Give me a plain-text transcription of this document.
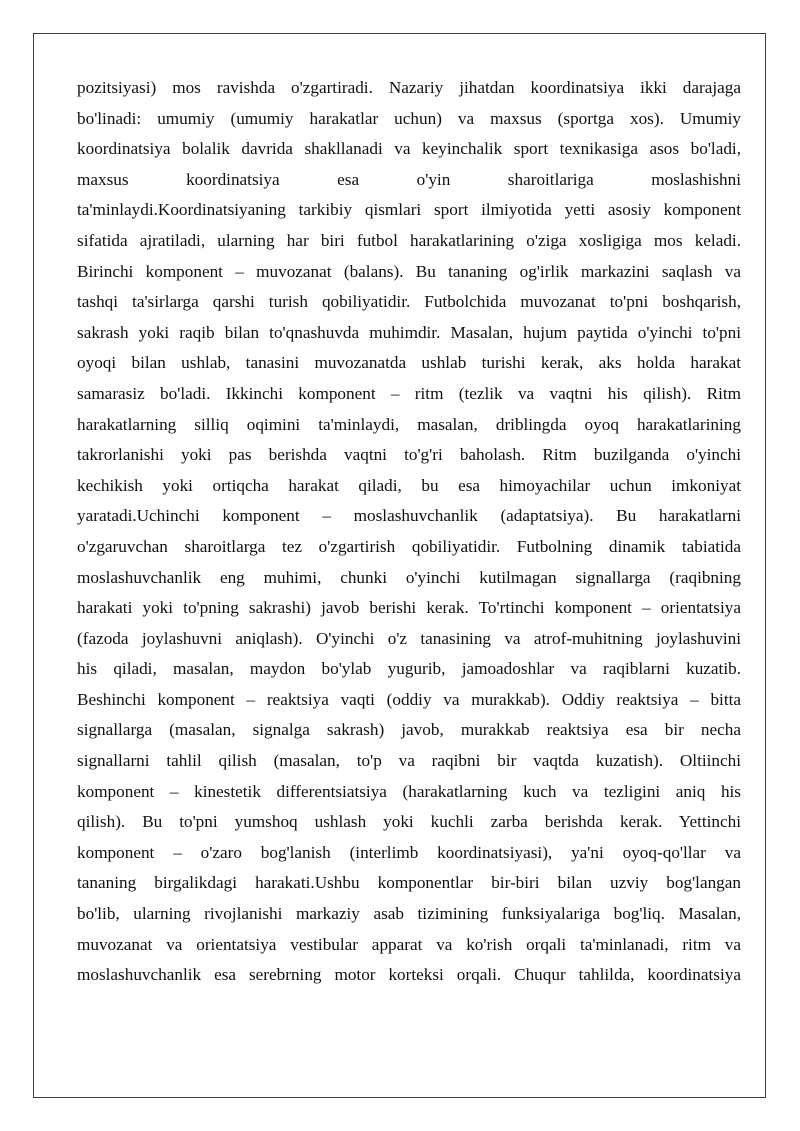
pozitsiyasi) mos ravishda o'zgartiradi. Nazariy jihatdan koordinatsiya ikki darajaga
bo'linadi: umumiy (umumiy harakatlar uchun) va maxsus (sportga xos). Umumiy
koordinatsiya bolalik davrida shakllanadi va keyinchalik sport texnikasiga asos bo'ladi,
maxsus koordinatsiya esa o'yin sharoitlariga moslashishni
ta'minlaydi.Koordinatsiyaning tarkibiy qismlari sport ilmiyotida yetti asosiy komponent
sifatida ajratiladi, ularning har biri futbol harakatlarining o'ziga xosligiga mos keladi.
Birinchi komponent – muvozanat (balans). Bu tananing og'irlik markazini saqlash va
tashqi ta'sirlarga qarshi turish qobiliyatidir. Futbolchida muvozanat to'pni boshqarish,
sakrash yoki raqib bilan to'qnashuvda muhimdir. Masalan, hujum paytida o'yinchi to'pni
oyoqi bilan ushlab, tanasini muvozanatda ushlab turishi kerak, aks holda harakat
samarasiz bo'ladi. Ikkinchi komponent – ritm (tezlik va vaqtni his qilish). Ritm
harakatlarning silliq oqimini ta'minlaydi, masalan, driblingda oyoq harakatlarining
takrorlanishi yoki pas berishda vaqtni to'g'ri baholash. Ritm buzilganda o'yinchi
kechikish yoki ortiqcha harakat qiladi, bu esa himoyachilar uchun imkoniyat
yaratadi.Uchinchi komponent – moslashuvchanlik (adaptatsiya). Bu harakatlarni
o'zgaruvchan sharoitlarga tez o'zgartirish qobiliyatidir. Futbolning dinamik tabiatida
moslashuvchanlik eng muhimi, chunki o'yinchi kutilmagan signallarga (raqibning
harakati yoki to'pning sakrashi) javob berishi kerak. To'rtinchi komponent – orientatsiya
(fazoda joylashuvni aniqlash). O'yinchi o'z tanasining va atrof-muhitning joylashuvini
his qiladi, masalan, maydon bo'ylab yugurib, jamoadoshlar va raqiblarni kuzatib.
Beshinchi komponent – reaktsiya vaqti (oddiy va murakkab). Oddiy reaktsiya – bitta
signallarga (masalan, signalga sakrash) javob, murakkab reaktsiya esa bir necha
signallarni tahlil qilish (masalan, to'p va raqibni bir vaqtda kuzatish). Oltiinchi
komponent – kinestetik differentsiatsiya (harakatlarning kuch va tezligini aniq his
qilish). Bu to'pni yumshoq ushlash yoki kuchli zarba berishda kerak. Yettinchi
komponent – o'zaro bog'lanish (interlimb koordinatsiyasi), ya'ni oyoq-qo'llar va
tananing birgalikdagi harakati.Ushbu komponentlar bir-biri bilan uzviy bog'langan
bo'lib, ularning rivojlanishi markaziy asab tizimining funksiyalariga bog'liq. Masalan,
muvozanat va orientatsiya vestibular apparat va ko'rish orqali ta'minlanadi, ritm va
moslashuvchanlik esa serebrning motor korteksi orqali. Chuqur tahlilda, koordinatsiya
